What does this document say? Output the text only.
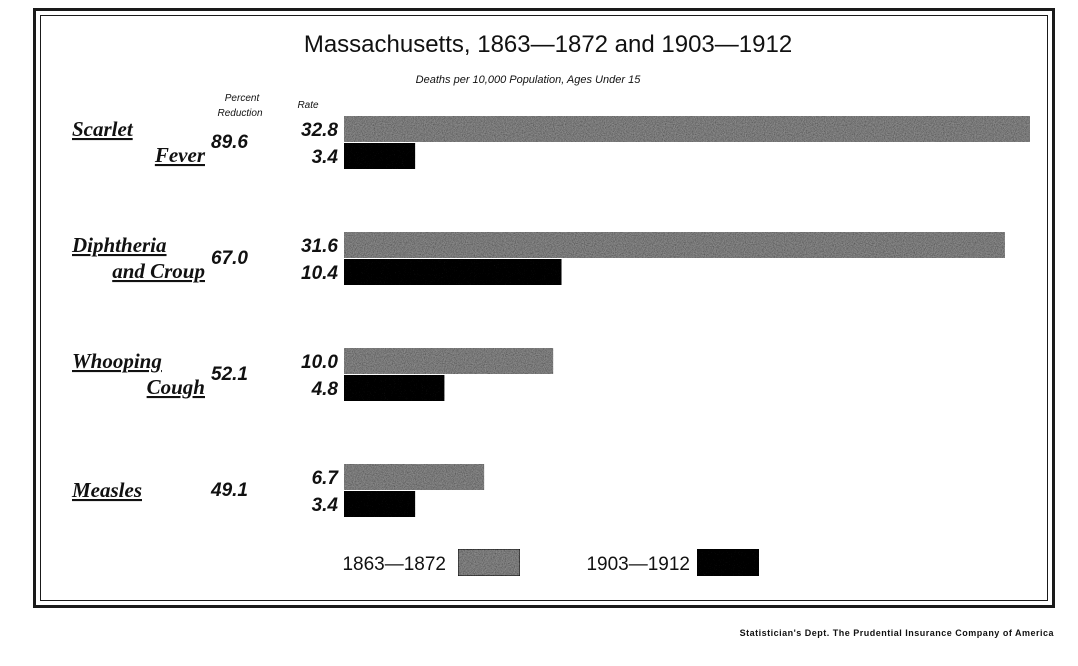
Massachusetts, 1863—1872 and 1903—1912
Deaths per 10,000 Population, Ages Under 15
Percent
Reduction
Rate
Scarlet
Fever
89.6
32.8
3.4
Diphtheria
and Croup
67.0
31.6
10.4
Whooping
Cough
52.1
10.0
4.8
Measles	49.1
6.7
3.4
1863—1872	1903—1912
Statistician's Dept. The Prudential Insurance Company of America
